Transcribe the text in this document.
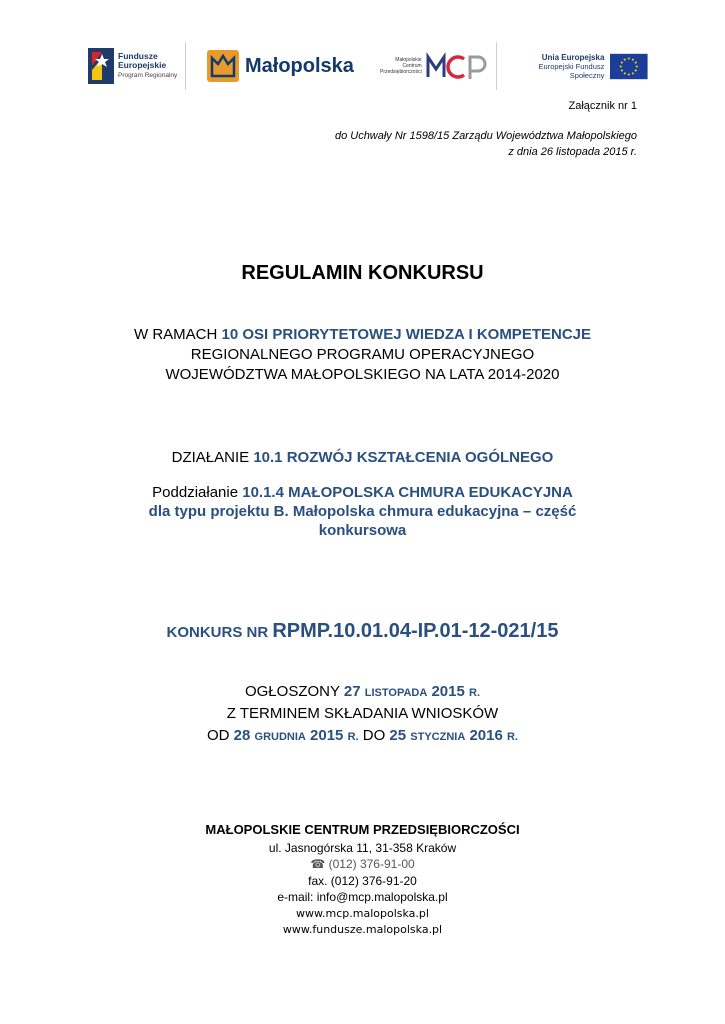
Fundusze
Europejskie
Program Regionalny	Małopolska	Małopolskie
Centrum
Przedsiębiorczości
Unia Europejska
Europejski Fundusz Społeczny
Załącznik nr 1
do Uchwały Nr 1598/15 Zarządu Województwa Małopolskiego
z dnia 26 listopada 2015 r.
REGULAMIN KONKURSU
W RAMACH 10 OSI PRIORYTETOWEJ WIEDZA I KOMPETENCJE
REGIONALNEGO PROGRAMU OPERACYJNEGO
WOJEWÓDZTWA MAŁOPOLSKIEGO NA LATA 2014-2020
DZIAŁANIE 10.1 ROZWÓJ KSZTAŁCENIA OGÓLNEGO
Poddziałanie 10.1.4 MAŁOPOLSKA CHMURA EDUKACYJNA
dla typu projektu B. Małopolska chmura edukacyjna – część
konkursowa
KONKURS NR RPMP.10.01.04-IP.01-12-021/15
OGŁOSZONY 27 LISTOPADA 2015 R.
Z TERMINEM SKŁADANIA WNIOSKÓW
OD 28 GRUDNIA 2015 R. DO 25 STYCZNIA 2016 R.
MAŁOPOLSKIE CENTRUM PRZEDSIĘBIORCZOŚCI
ul. Jasnogórska 11, 31-358 Kraków
☎ (012) 376-91-00
fax. (012) 376-91-20
e-mail: info@mcp.malopolska.pl
www.mcp.malopolska.pl
www.fundusze.malopolska.pl
